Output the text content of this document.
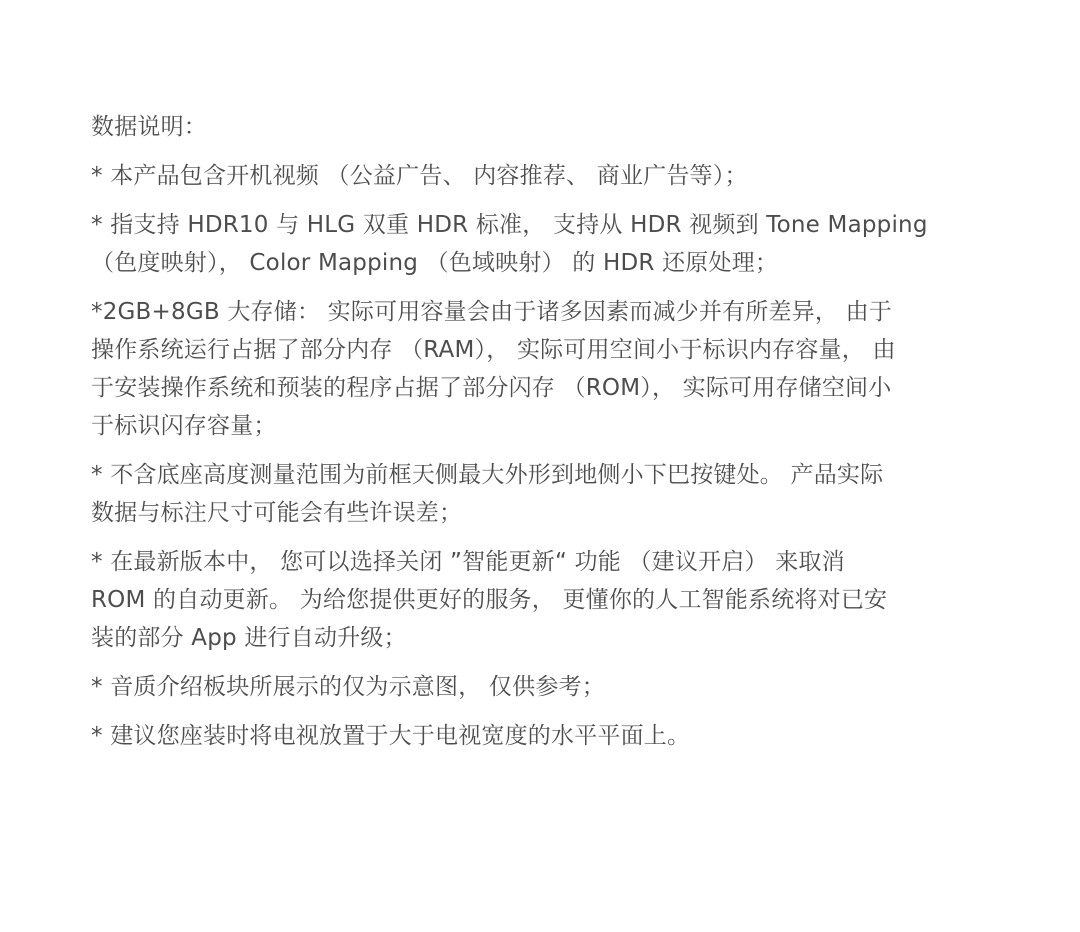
数据说明：
* 本产品包含开机视频 （公益广告、 内容推荐、 商业广告等）；
* 指支持 HDR10 与 HLG 双重 HDR 标准， 支持从 HDR 视频到 Tone Mapping
（色度映射）， Color Mapping （色域映射） 的 HDR 还原处理；
*2GB+8GB 大存储： 实际可用容量会由于诸多因素而减少并有所差异， 由于
操作系统运行占据了部分内存 （RAM）， 实际可用空间小于标识内存容量， 由
于安装操作系统和预装的程序占据了部分闪存 （ROM）， 实际可用存储空间小
于标识闪存容量；
* 不含底座高度测量范围为前框天侧最大外形到地侧小下巴按键处。 产品实际
数据与标注尺寸可能会有些许误差；
* 在最新版本中， 您可以选择关闭 ”智能更新“ 功能 （建议开启） 来取消
ROM 的自动更新。 为给您提供更好的服务， 更懂你的人工智能系统将对已安
装的部分 App 进行自动升级；
* 音质介绍板块所展示的仅为示意图， 仅供参考；
* 建议您座装时将电视放置于大于电视宽度的水平平面上。
